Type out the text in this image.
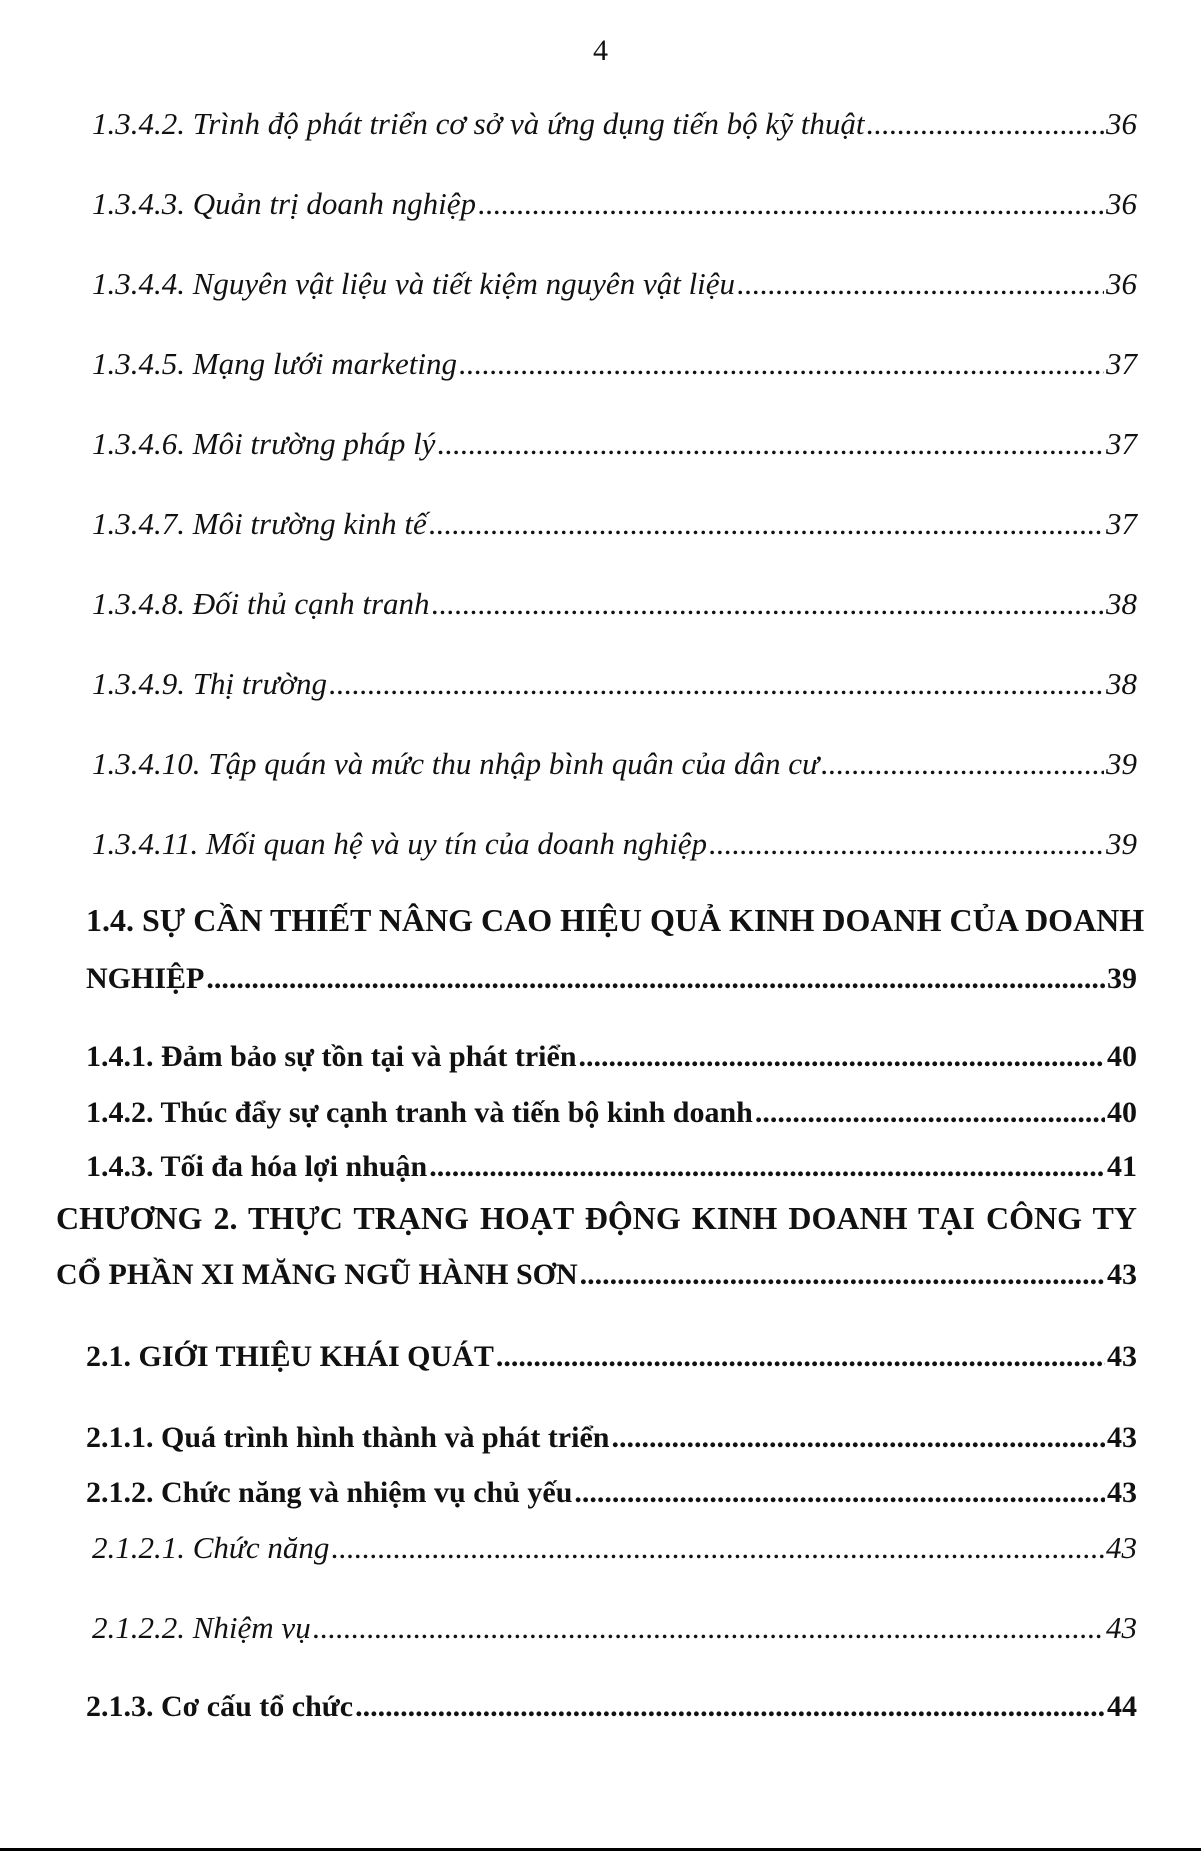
4
1.3.4.2. Trình độ phát triển cơ sở và ứng dụng tiến bộ kỹ thuật .....	36
1.3.4.3. Quản trị doanh nghiệp .....	36
1.3.4.4. Nguyên vật liệu và tiết kiệm nguyên vật liệu .....	36
1.3.4.5. Mạng lưới marketing .....	37
1.3.4.6. Môi trường pháp lý .....	37
1.3.4.7. Môi trường kinh tế .....	37
1.3.4.8. Đối thủ cạnh tranh .....	38
1.3.4.9. Thị trường .....	38
1.3.4.10. Tập quán và mức thu nhập bình quân của dân cư .....	39
1.3.4.11. Mối quan hệ và uy tín của doanh nghiệp .....	39
1.4. SỰ CẦN THIẾT NÂNG CAO HIỆU QUẢ KINH DOANH CỦA DOANH
NGHIỆP .....	39
1.4.1. Đảm bảo sự tồn tại và phát triển .....	40
1.4.2. Thúc đẩy sự cạnh tranh và tiến bộ kinh doanh .....	40
1.4.3. Tối đa hóa lợi nhuận .....	41
CHƯƠNG 2. THỰC TRẠNG HOẠT ĐỘNG KINH DOANH TẠI CÔNG TY
CỔ PHẦN XI MĂNG NGŨ HÀNH SƠN .....	43
2.1. GIỚI THIỆU KHÁI QUÁT .....	43
2.1.1. Quá trình hình thành và phát triển .....	43
2.1.2. Chức năng và nhiệm vụ chủ yếu .....	43
2.1.2.1. Chức năng .....	43
2.1.2.2. Nhiệm vụ .....	43
2.1.3. Cơ cấu tổ chức .....	44
